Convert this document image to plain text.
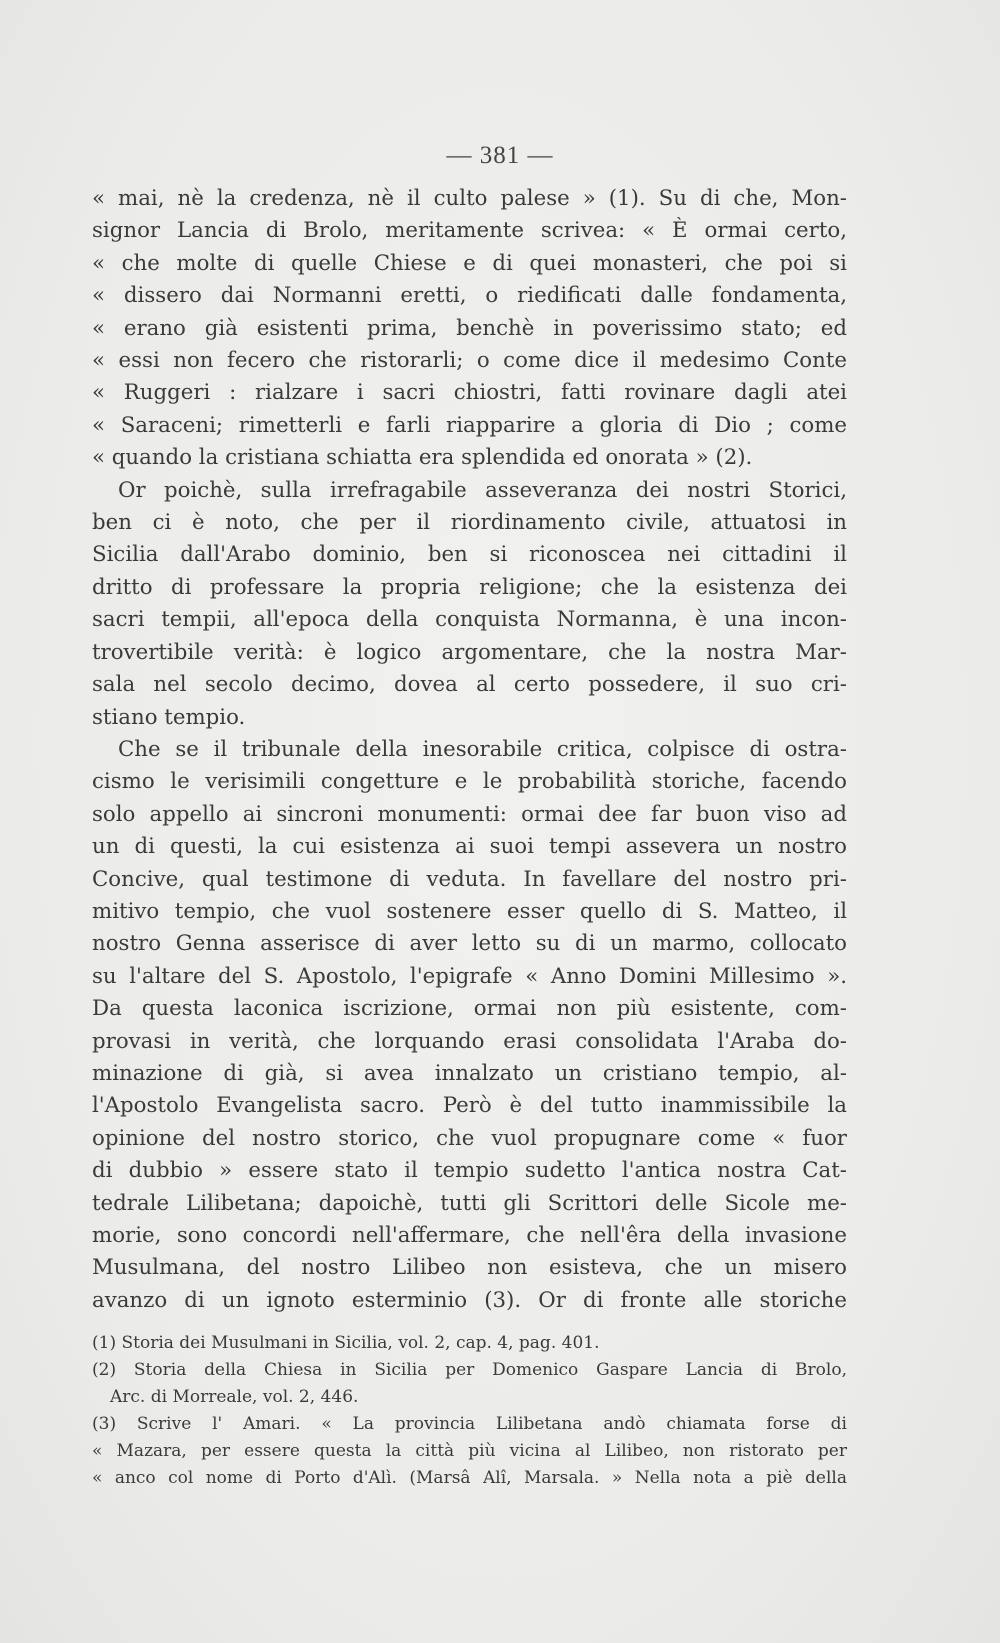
— 381 —
« mai, nè la credenza, nè il culto palese » (1). Su di che, Mon-
signor Lancia di Brolo, meritamente scrivea: « È ormai certo,
« che molte di quelle Chiese e di quei monasteri, che poi si
« dissero dai Normanni eretti, o riedificati dalle fondamenta,
« erano già esistenti prima, benchè in poverissimo stato; ed
« essi non fecero che ristorarli; o come dice il medesimo Conte
« Ruggeri : rialzare i sacri chiostri, fatti rovinare dagli atei
« Saraceni; rimetterli e farli riapparire a gloria di Dio ; come
« quando la cristiana schiatta era splendida ed onorata » (2).
Or poichè, sulla irrefragabile asseveranza dei nostri Storici,
ben ci è noto, che per il riordinamento civile, attuatosi in
Sicilia dall'Arabo dominio, ben si riconoscea nei cittadini il
dritto di professare la propria religione; che la esistenza dei
sacri tempii, all'epoca della conquista Normanna, è una incon-
trovertibile verità: è logico argomentare, che la nostra Mar-
sala nel secolo decimo, dovea al certo possedere, il suo cri-
stiano tempio.
Che se il tribunale della inesorabile critica, colpisce di ostra-
cismo le verisimili congetture e le probabilità storiche, facendo
solo appello ai sincroni monumenti: ormai dee far buon viso ad
un di questi, la cui esistenza ai suoi tempi assevera un nostro
Concive, qual testimone di veduta. In favellare del nostro pri-
mitivo tempio, che vuol sostenere esser quello di S. Matteo, il
nostro Genna asserisce di aver letto su di un marmo, collocato
su l'altare del S. Apostolo, l'epigrafe « Anno Domini Millesimo ».
Da questa laconica iscrizione, ormai non più esistente, com-
provasi in verità, che lorquando erasi consolidata l'Araba do-
minazione di già, si avea innalzato un cristiano tempio, al-
l'Apostolo Evangelista sacro. Però è del tutto inammissibile la
opinione del nostro storico, che vuol propugnare come « fuor
di dubbio » essere stato il tempio sudetto l'antica nostra Cat-
tedrale Lilibetana; dapoichè, tutti gli Scrittori delle Sicole me-
morie, sono concordi nell'affermare, che nell'êra della invasione
Musulmana, del nostro Lilibeo non esisteva, che un misero
avanzo di un ignoto esterminio (3). Or di fronte alle storiche
(1) Storia dei Musulmani in Sicilia, vol. 2, cap. 4, pag. 401.
(2) Storia della Chiesa in Sicilia per Domenico Gaspare Lancia di Brolo,
Arc. di Morreale, vol. 2, 446.
(3) Scrive l' Amari. « La provincia Lilibetana andò chiamata forse di
« Mazara, per essere questa la città più vicina al Lilibeo, non ristorato per
« anco col nome di Porto d'Alì. (Marsâ Alî, Marsala. » Nella nota a piè della
